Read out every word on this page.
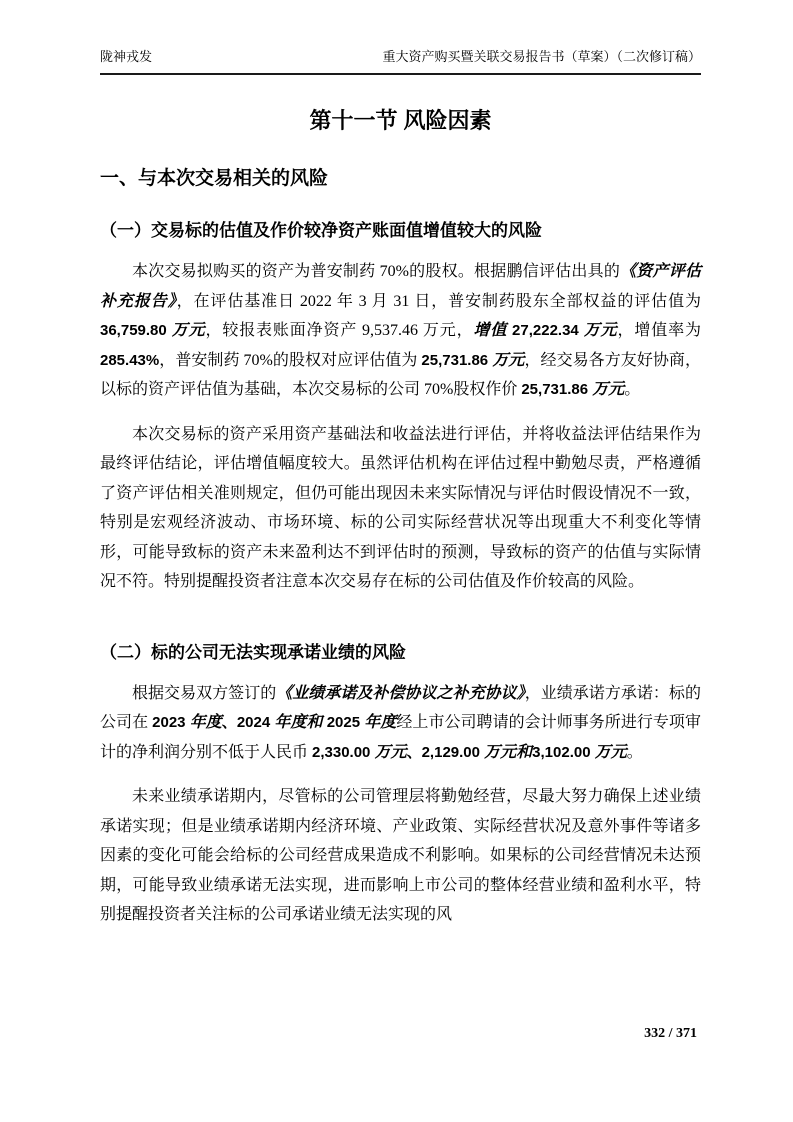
陇神戎发	重大资产购买暨关联交易报告书（草案）（二次修订稿）
第十一节 风险因素
一、与本次交易相关的风险
（一）交易标的估值及作价较净资产账面值增值较大的风险

本次交易拟购买的资产为普安制药 70%的股权。根据鹏信评估出具的《资产评估补充报告》，在评估基准日 2022 年 3 月 31 日，普安制药股东全部权益的评估值为 36,759.80 万元，较报表账面净资产 9,537.46 万元，增值 27,222.34 万元，增值率为 285.43%，普安制药 70%的股权对应评估值为 25,731.86 万元，经交易各方友好协商，以标的资产评估值为基础，本次交易标的公司 70%股权作价 25,731.86 万元。

本次交易标的资产采用资产基础法和收益法进行评估，并将收益法评估结果作为最终评估结论，评估增值幅度较大。虽然评估机构在评估过程中勤勉尽责，严格遵循了资产评估相关准则规定，但仍可能出现因未来实际情况与评估时假设情况不一致，特别是宏观经济波动、市场环境、标的公司实际经营状况等出现重大不利变化等情形，可能导致标的资产未来盈利达不到评估时的预测，导致标的资产的估值与实际情况不符。特别提醒投资者注意本次交易存在标的公司估值及作价较高的风险。

（二）标的公司无法实现承诺业绩的风险

根据交易双方签订的《业绩承诺及补偿协议之补充协议》，业绩承诺方承诺：标的公司在 2023 年度、2024 年度和 2025 年度经上市公司聘请的会计师事务所进行专项审计的净利润分别不低于人民币 2,330.00 万元、2,129.00 万元和3,102.00 万元。

未来业绩承诺期内，尽管标的公司管理层将勤勉经营，尽最大努力确保上述业绩承诺实现；但是业绩承诺期内经济环境、产业政策、实际经营状况及意外事件等诸多因素的变化可能会给标的公司经营成果造成不利影响。如果标的公司经营情况未达预期，可能导致业绩承诺无法实现，进而影响上市公司的整体经营业绩和盈利水平，特别提醒投资者关注标的公司承诺业绩无法实现的风

332 / 371
